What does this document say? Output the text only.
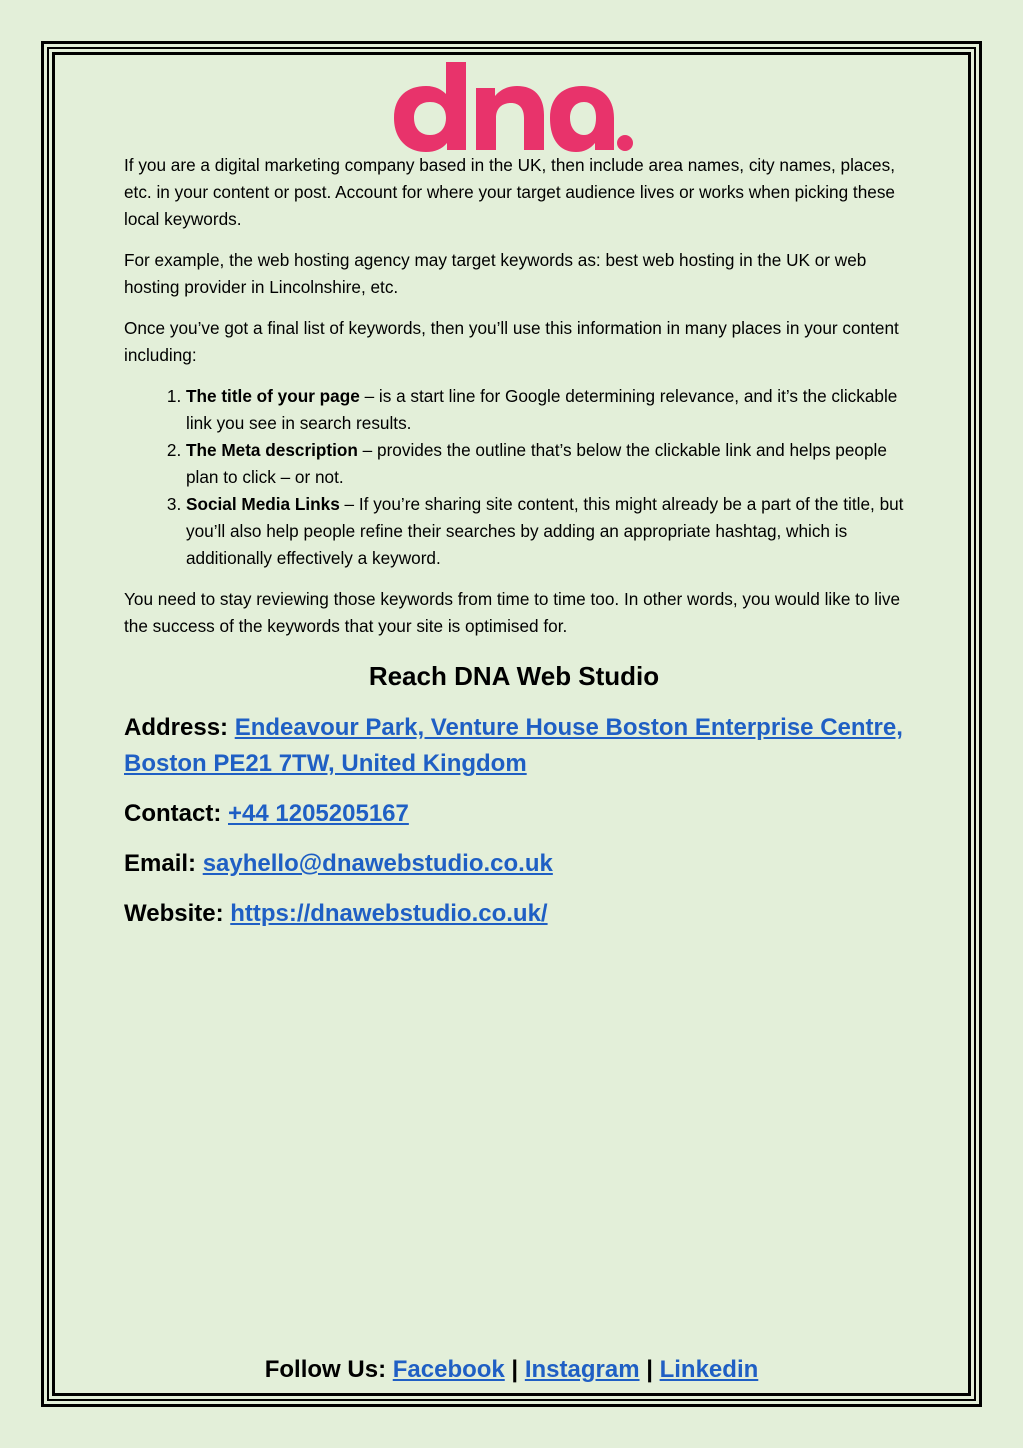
If you are a digital marketing company based in the UK, then include area names, city names, places, etc. in your content or post. Account for where your target audience lives or works when picking these local keywords.

For example, the web hosting agency may target keywords as: best web hosting in the UK or web hosting provider in Lincolnshire, etc.

Once you’ve got a final list of keywords, then you’ll use this information in many places in your content including:

1. The title of your page – is a start line for Google determining relevance, and it’s the clickable link you see in search results.
2. The Meta description – provides the outline that’s below the clickable link and helps people plan to click – or not.
3. Social Media Links – If you’re sharing site content, this might already be a part of the title, but you’ll also help people refine their searches by adding an appropriate hashtag, which is additionally effectively a keyword.

You need to stay reviewing those keywords from time to time too. In other words, you would like to live the success of the keywords that your site is optimised for.

Reach DNA Web Studio
Address: Endeavour Park, Venture House Boston Enterprise Centre, Boston PE21 7TW, United Kingdom
Contact: +44 1205205167
Email: sayhello@dnawebstudio.co.uk
Website: https://dnawebstudio.co.uk/
Follow Us: Facebook | Instagram | Linkedin
